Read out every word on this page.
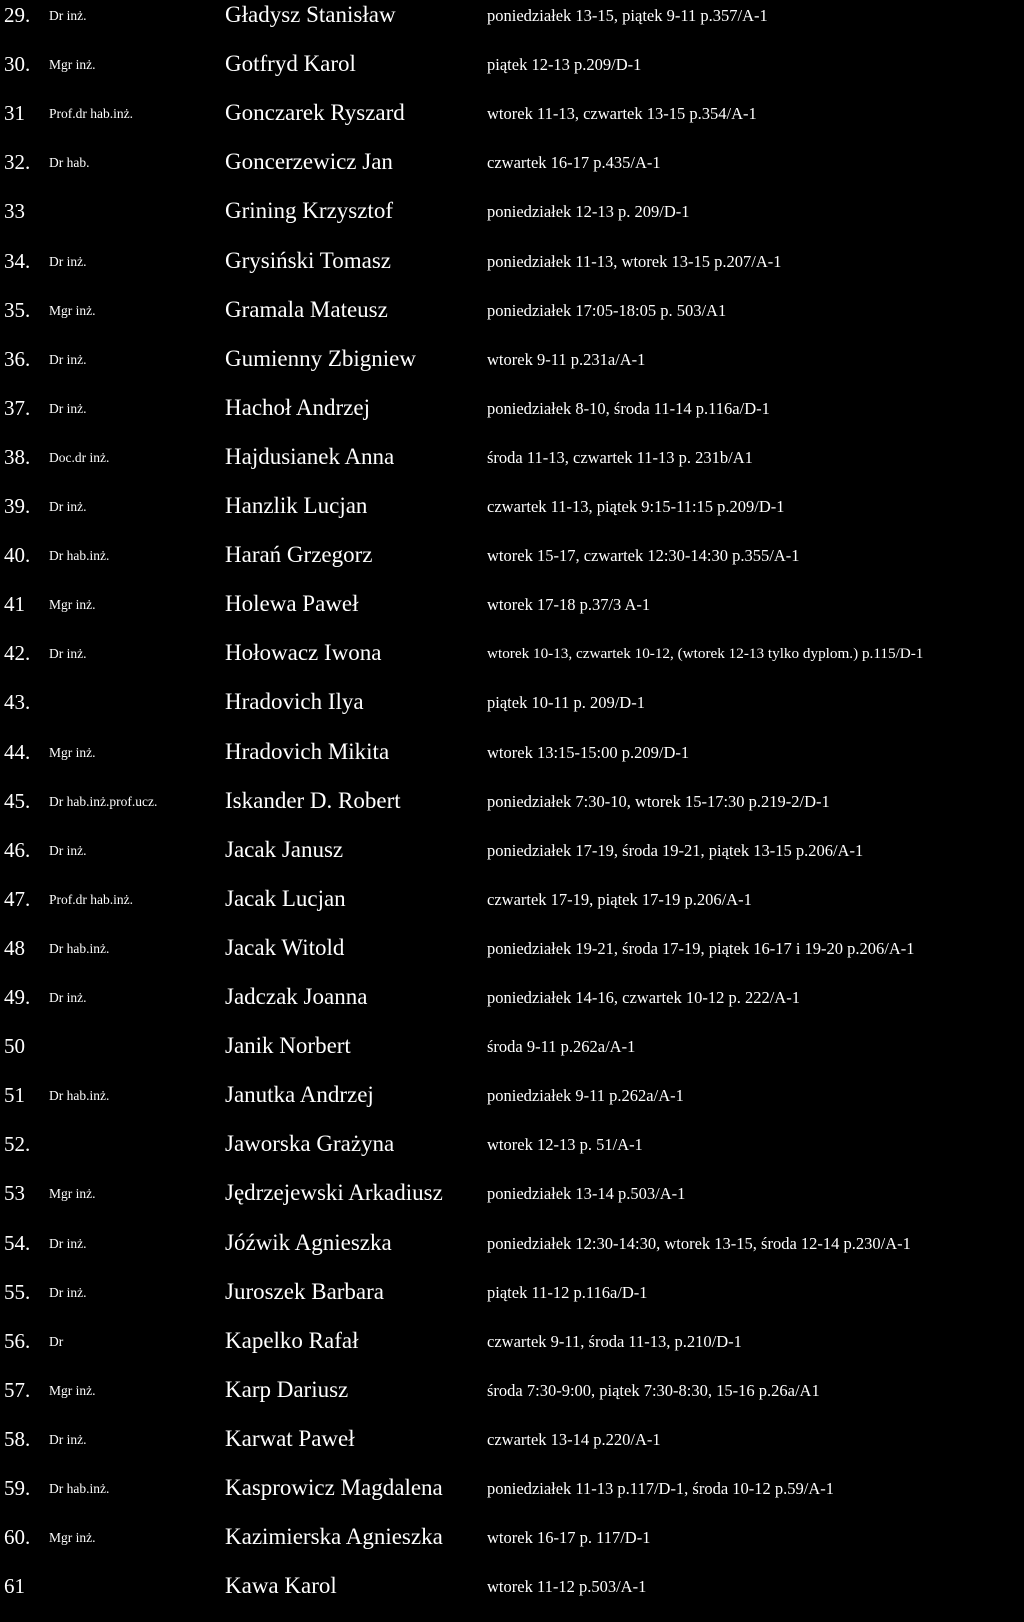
29. Dr inż.	Gładysz Stanisław	poniedziałek 13-15, piątek 9-11 p.357/A-1
30. Mgr inż.	Gotfryd Karol	piątek 12-13 p.209/D-1
31 Prof.dr hab.inż.	Gonczarek Ryszard	wtorek 11-13, czwartek 13-15 p.354/A-1
32. Dr hab.	Goncerzewicz Jan	czwartek 16-17 p.435/A-1
33	Grining Krzysztof	poniedziałek 12-13 p. 209/D-1
34. Dr inż.	Grysiński Tomasz	poniedziałek 11-13, wtorek 13-15 p.207/A-1
35. Mgr inż.	Gramala Mateusz	poniedziałek 17:05-18:05 p. 503/A1
36. Dr inż.	Gumienny Zbigniew	wtorek 9-11 p.231a/A-1
37. Dr inż.	Hachoł Andrzej	poniedziałek 8-10, środa 11-14 p.116a/D-1
38. Doc.dr inż.	Hajdusianek Anna	środa 11-13, czwartek 11-13 p. 231b/A1
39. Dr inż.	Hanzlik Lucjan	czwartek 11-13, piątek 9:15-11:15 p.209/D-1
40. Dr hab.inż.	Harań Grzegorz	wtorek 15-17, czwartek 12:30-14:30 p.355/A-1
41 Mgr inż.	Holewa Paweł	wtorek 17-18 p.37/3 A-1
42. Dr inż.	Hołowacz Iwona	wtorek 10-13, czwartek 10-12, (wtorek 12-13 tylko dyplom.) p.115/D-1
43.	Hradovich Ilya	piątek 10-11 p. 209/D-1
44. Mgr inż.	Hradovich Mikita	wtorek 13:15-15:00 p.209/D-1
45. Dr hab.inż.prof.ucz.	Iskander D. Robert	poniedziałek 7:30-10, wtorek 15-17:30 p.219-2/D-1
46. Dr inż.	Jacak Janusz	poniedziałek 17-19, środa 19-21, piątek 13-15 p.206/A-1
47. Prof.dr hab.inż.	Jacak Lucjan	czwartek 17-19, piątek 17-19 p.206/A-1
48 Dr hab.inż.	Jacak Witold	poniedziałek 19-21, środa 17-19, piątek 16-17 i 19-20 p.206/A-1
49. Dr inż.	Jadczak Joanna	poniedziałek 14-16, czwartek 10-12 p. 222/A-1
50	Janik Norbert	środa 9-11 p.262a/A-1
51 Dr hab.inż.	Janutka Andrzej	poniedziałek 9-11 p.262a/A-1
52.	Jaworska Grażyna	wtorek 12-13 p. 51/A-1
53 Mgr inż.	Jędrzejewski Arkadiusz	poniedziałek 13-14 p.503/A-1
54. Dr inż.	Jóźwik Agnieszka	poniedziałek 12:30-14:30, wtorek 13-15, środa 12-14 p.230/A-1
55. Dr inż.	Juroszek Barbara	piątek 11-12 p.116a/D-1
56. Dr	Kapelko Rafał	czwartek 9-11, środa 11-13, p.210/D-1
57. Mgr inż.	Karp Dariusz	środa 7:30-9:00, piątek 7:30-8:30, 15-16 p.26a/A1
58. Dr inż.	Karwat Paweł	czwartek 13-14 p.220/A-1
59. Dr hab.inż.	Kasprowicz Magdalena	poniedziałek 11-13 p.117/D-1, środa 10-12 p.59/A-1
60. Mgr inż.	Kazimierska Agnieszka	wtorek 16-17 p. 117/D-1
61	Kawa Karol	wtorek 11-12 p.503/A-1
